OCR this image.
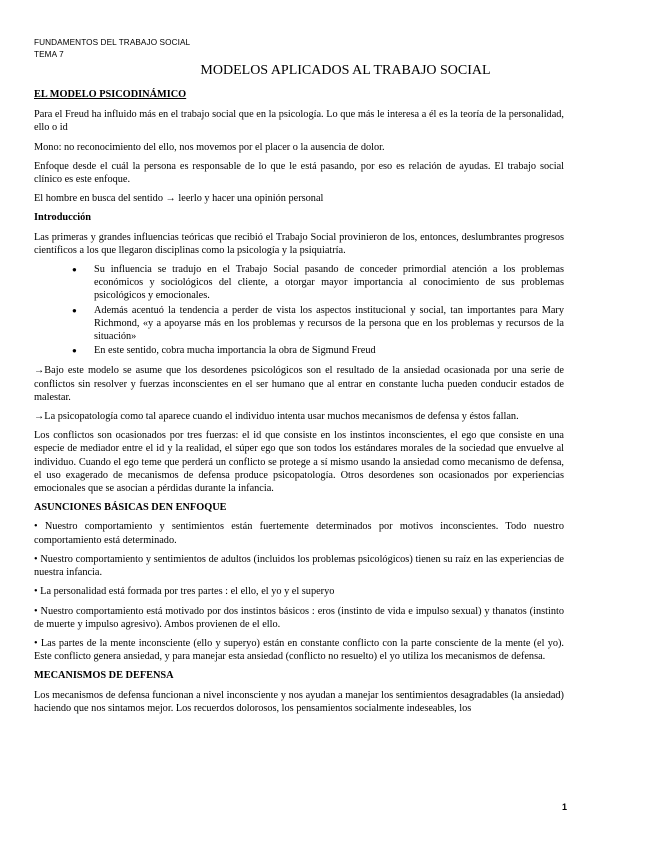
FUNDAMENTOS DEL TRABAJO SOCIAL
TEMA 7
MODELOS APLICADOS AL TRABAJO SOCIAL
EL MODELO PSICODINÁMICO

Para el Freud ha influido más en el trabajo social que en la psicología. Lo que más le interesa a él es la teoría de la personalidad, ello o id

Mono: no reconocimiento del ello, nos movemos por el placer o la ausencia de dolor.

Enfoque desde el cuál la persona es responsable de lo que le está pasando, por eso es relación de ayudas. El trabajo social clínico es este enfoque.

El hombre en busca del sentido → leerlo y hacer una opinión personal

Introducción

Las primeras y grandes influencias teóricas que recibió el Trabajo Social provinieron de los, entonces, deslumbrantes progresos científicos a los que llegaron disciplinas como la psicología y la psiquiatría.

● Su influencia se tradujo en el Trabajo Social pasando de conceder primordial atención a los problemas económicos y sociológicos del cliente, a otorgar mayor importancia al conocimiento de sus problemas psicológicos y emocionales.
● Además acentuó la tendencia a perder de vista los aspectos institucional y social, tan importantes para Mary Richmond, «y a apoyarse más en los problemas y recursos de la persona que en los problemas y recursos de la situación»
● En este sentido, cobra mucha importancia la obra de Sigmund Freud

→Bajo este modelo se asume que los desordenes psicológicos son el resultado de la ansiedad ocasionada por una serie de conflictos sin resolver y fuerzas inconscientes en el ser humano que al entrar en constante lucha pueden conducir estados de malestar.

→La psicopatología como tal aparece cuando el individuo intenta usar muchos mecanismos de defensa y éstos fallan.

Los conflictos son ocasionados por tres fuerzas: el id que consiste en los instintos inconscientes, el ego que consiste en una especie de mediador entre el id y la realidad, el súper ego que son todos los estándares morales de la sociedad que envuelve al individuo. Cuando el ego teme que perderá un conflicto se protege a sí mismo usando la ansiedad como mecanismo de defensa, el uso exagerado de mecanismos de defensa produce psicopatología. Otros desordenes son ocasionados por experiencias emocionales que se asocian a pérdidas durante la infancia.

ASUNCIONES BÁSICAS DEN ENFOQUE

• Nuestro comportamiento y sentimientos están fuertemente determinados por motivos inconscientes. Todo nuestro comportamiento está determinado.

• Nuestro comportamiento y sentimientos de adultos (incluidos los problemas psicológicos) tienen su raíz en las experiencias de nuestra infancia.

• La personalidad está formada por tres partes : el ello, el yo y el superyo

• Nuestro comportamiento está motivado por dos instintos básicos : eros (instinto de vida e impulso sexual) y thanatos (instinto de muerte y impulso agresivo). Ambos provienen de el ello.

• Las partes de la mente inconsciente (ello y superyo) están en constante conflicto con la parte consciente de la mente (el yo). Este conflicto genera ansiedad, y para manejar esta ansiedad (conflicto no resuelto) el yo utiliza los mecanismos de defensa.

MECANISMOS DE DEFENSA

Los mecanismos de defensa funcionan a nivel inconsciente y nos ayudan a manejar los sentimientos desagradables (la ansiedad) haciendo que nos sintamos mejor. Los recuerdos dolorosos, los pensamientos socialmente indeseables, los

1
